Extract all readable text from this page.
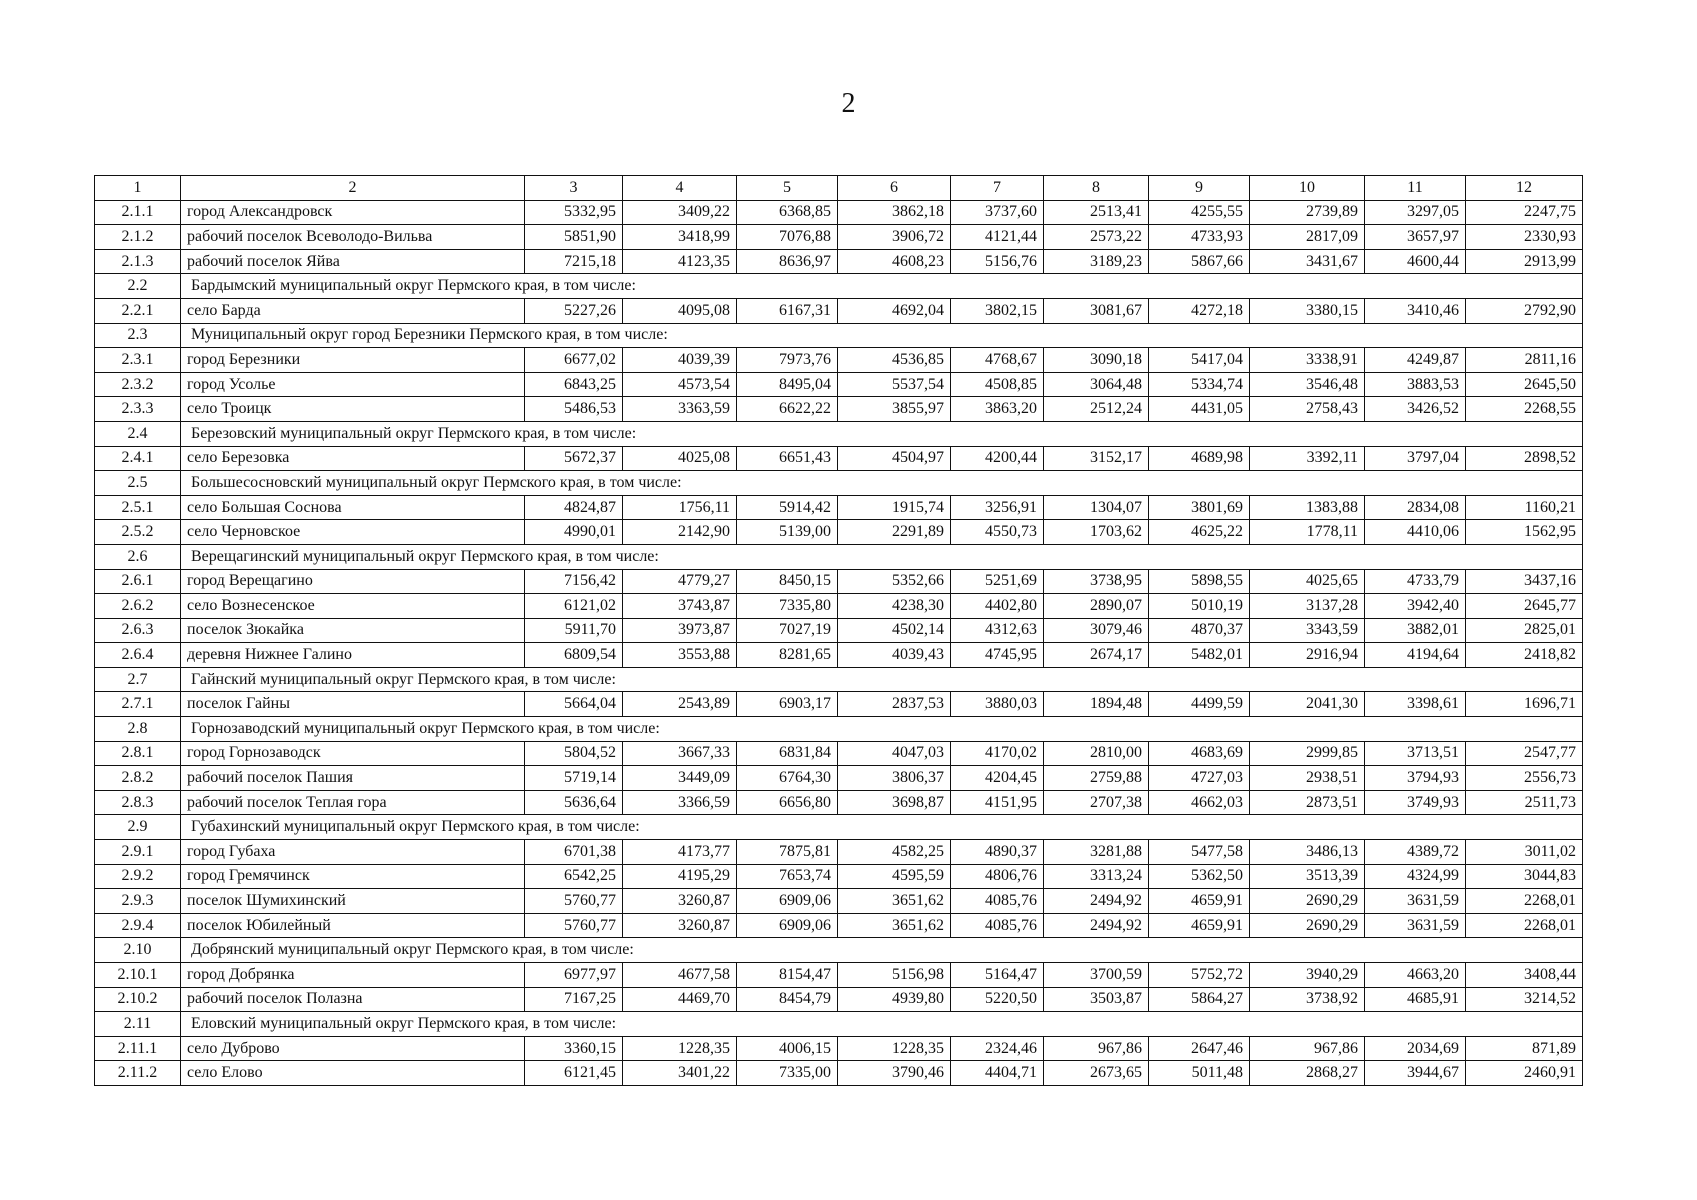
2
1	2	3	4	5	6	7	8	9	10	11	12
2.1.1	город Александровск	5332,95	3409,22	6368,85	3862,18	3737,60	2513,41	4255,55	2739,89	3297,05	2247,75
2.1.2	рабочий поселок Всеволодо-Вильва	5851,90	3418,99	7076,88	3906,72	4121,44	2573,22	4733,93	2817,09	3657,97	2330,93
2.1.3	рабочий поселок Яйва	7215,18	4123,35	8636,97	4608,23	5156,76	3189,23	5867,66	3431,67	4600,44	2913,99
2.2	Бардымский муниципальный округ Пермского края, в том числе:										
2.2.1	село Барда	5227,26	4095,08	6167,31	4692,04	3802,15	3081,67	4272,18	3380,15	3410,46	2792,90
2.3	Муниципальный округ город Березники Пермского края, в том числе:										
2.3.1	город Березники	6677,02	4039,39	7973,76	4536,85	4768,67	3090,18	5417,04	3338,91	4249,87	2811,16
2.3.2	город Усолье	6843,25	4573,54	8495,04	5537,54	4508,85	3064,48	5334,74	3546,48	3883,53	2645,50
2.3.3	село Троицк	5486,53	3363,59	6622,22	3855,97	3863,20	2512,24	4431,05	2758,43	3426,52	2268,55
2.4	Березовский муниципальный округ Пермского края, в том числе:										
2.4.1	село Березовка	5672,37	4025,08	6651,43	4504,97	4200,44	3152,17	4689,98	3392,11	3797,04	2898,52
2.5	Большесосновский муниципальный округ Пермского края, в том числе:										
2.5.1	село Большая Соснова	4824,87	1756,11	5914,42	1915,74	3256,91	1304,07	3801,69	1383,88	2834,08	1160,21
2.5.2	село Черновское	4990,01	2142,90	5139,00	2291,89	4550,73	1703,62	4625,22	1778,11	4410,06	1562,95
2.6	Верещагинский муниципальный округ Пермского края, в том числе:										
2.6.1	город Верещагино	7156,42	4779,27	8450,15	5352,66	5251,69	3738,95	5898,55	4025,65	4733,79	3437,16
2.6.2	село Вознесенское	6121,02	3743,87	7335,80	4238,30	4402,80	2890,07	5010,19	3137,28	3942,40	2645,77
2.6.3	поселок Зюкайка	5911,70	3973,87	7027,19	4502,14	4312,63	3079,46	4870,37	3343,59	3882,01	2825,01
2.6.4	деревня Нижнее Галино	6809,54	3553,88	8281,65	4039,43	4745,95	2674,17	5482,01	2916,94	4194,64	2418,82
2.7	Гайнский муниципальный округ Пермского края, в том числе:										
2.7.1	поселок Гайны	5664,04	2543,89	6903,17	2837,53	3880,03	1894,48	4499,59	2041,30	3398,61	1696,71
2.8	Горнозаводский муниципальный округ Пермского края, в том числе:										
2.8.1	город Горнозаводск	5804,52	3667,33	6831,84	4047,03	4170,02	2810,00	4683,69	2999,85	3713,51	2547,77
2.8.2	рабочий поселок Пашия	5719,14	3449,09	6764,30	3806,37	4204,45	2759,88	4727,03	2938,51	3794,93	2556,73
2.8.3	рабочий поселок Теплая гора	5636,64	3366,59	6656,80	3698,87	4151,95	2707,38	4662,03	2873,51	3749,93	2511,73
2.9	Губахинский муниципальный округ Пермского края, в том числе:										
2.9.1	город Губаха	6701,38	4173,77	7875,81	4582,25	4890,37	3281,88	5477,58	3486,13	4389,72	3011,02
2.9.2	город Гремячинск	6542,25	4195,29	7653,74	4595,59	4806,76	3313,24	5362,50	3513,39	4324,99	3044,83
2.9.3	поселок Шумихинский	5760,77	3260,87	6909,06	3651,62	4085,76	2494,92	4659,91	2690,29	3631,59	2268,01
2.9.4	поселок Юбилейный	5760,77	3260,87	6909,06	3651,62	4085,76	2494,92	4659,91	2690,29	3631,59	2268,01
2.10	Добрянский муниципальный округ Пермского края, в том числе:										
2.10.1	город Добрянка	6977,97	4677,58	8154,47	5156,98	5164,47	3700,59	5752,72	3940,29	4663,20	3408,44
2.10.2	рабочий поселок Полазна	7167,25	4469,70	8454,79	4939,80	5220,50	3503,87	5864,27	3738,92	4685,91	3214,52
2.11	Еловский муниципальный округ Пермского края, в том числе:										
2.11.1	село Дуброво	3360,15	1228,35	4006,15	1228,35	2324,46	967,86	2647,46	967,86	2034,69	871,89
2.11.2	село Елово	6121,45	3401,22	7335,00	3790,46	4404,71	2673,65	5011,48	2868,27	3944,67	2460,91
